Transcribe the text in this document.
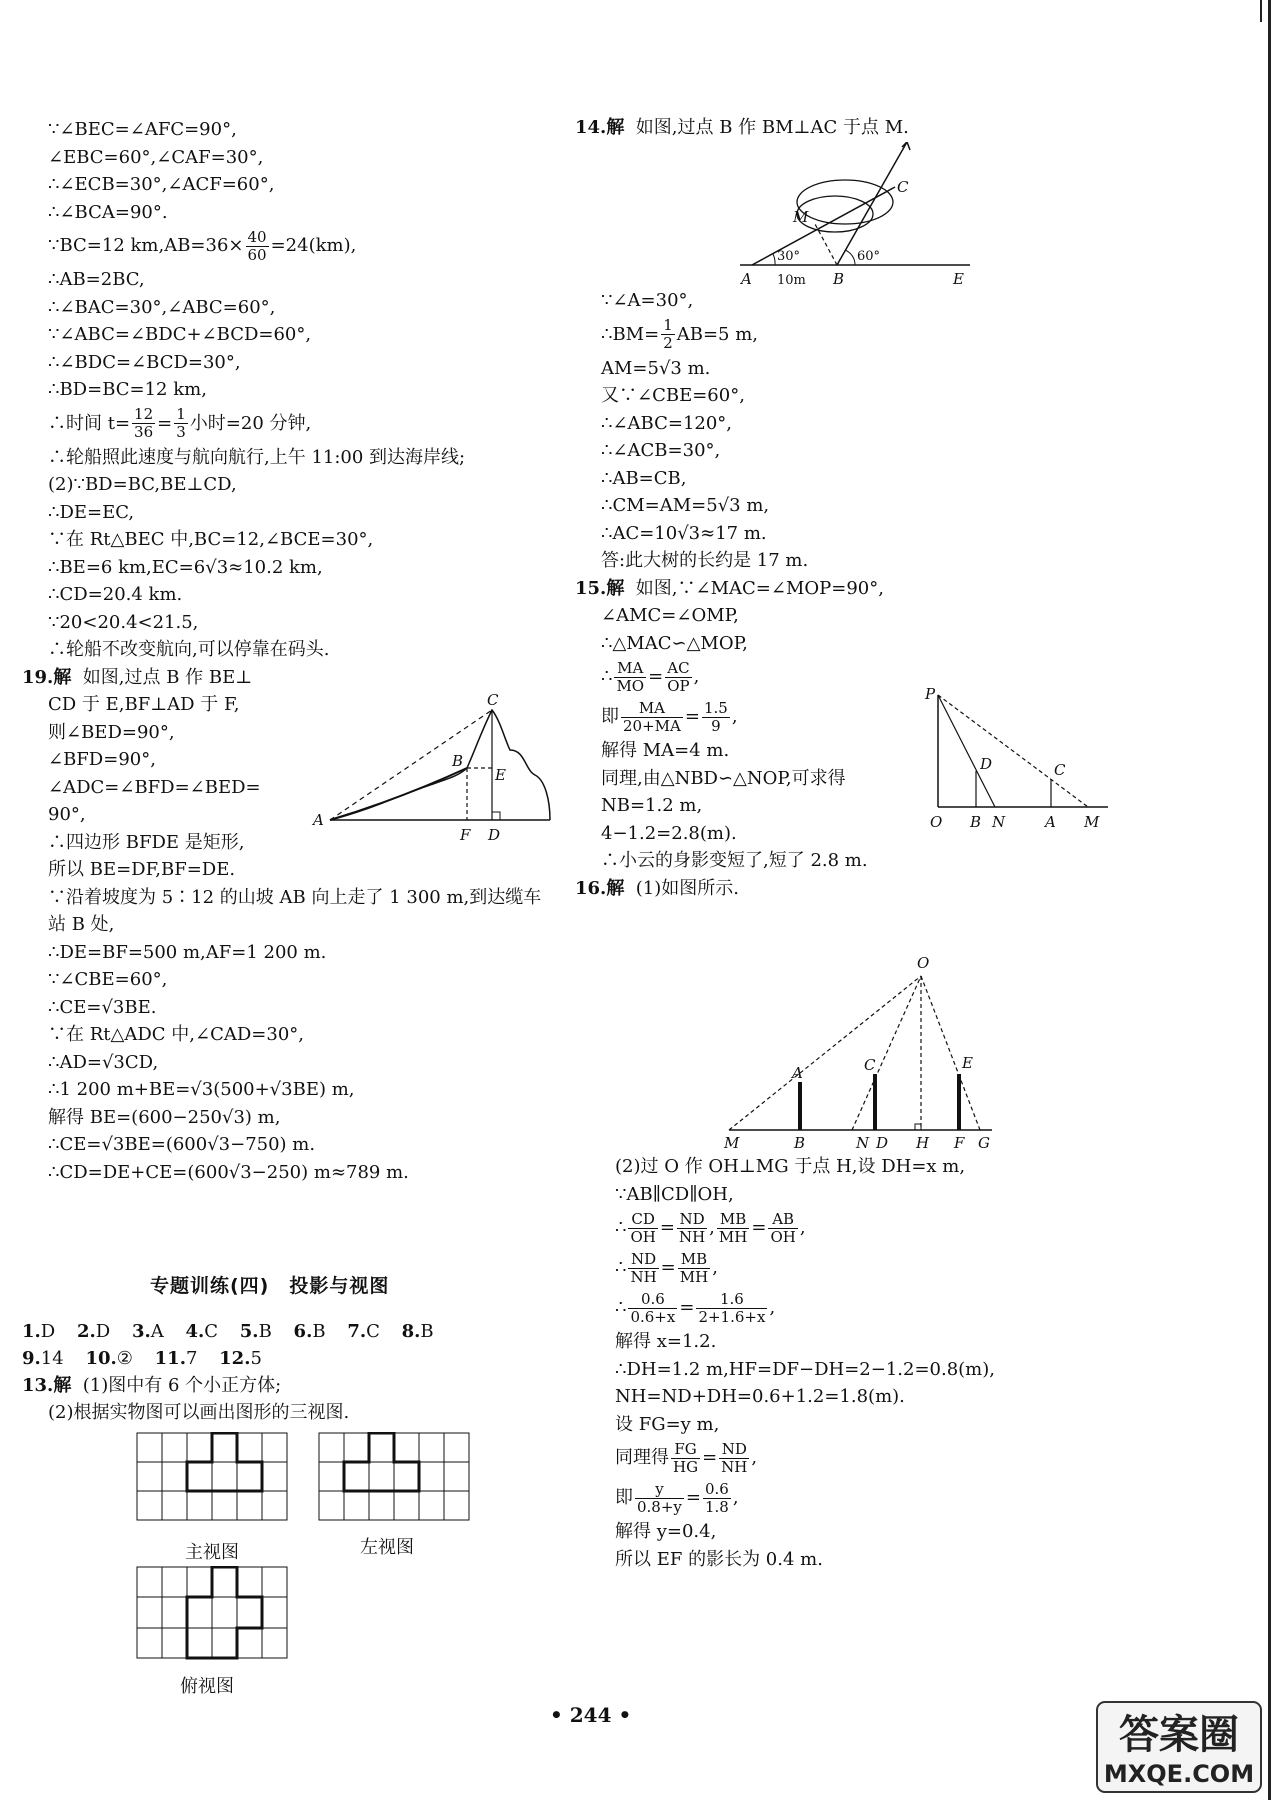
∵∠BEC=∠AFC=90°,
∠EBC=60°,∠CAF=30°,
∴∠ECB=30°,∠ACF=60°,
∴∠BCA=90°.
∵BC=12 $km,AB=36\times \frac{40}{60} =24(km)$,
∴AB=2BC,
∴∠BAC=30°,∠ABC=60°,
∵∠ABC=∠BDC+∠BCD=60°,
∴∠BDC=∠BCD=30°,
∴BD=BC=12 km,
∴时间 $t= \frac{12}{36} = \frac{1}{3}$ 小时=20 分钟,
∴轮船照此速度与航向航行,上午 11:00 到达海岸线;
(2)∵BD=BC,BE⊥CD,
∴DE=EC,
∵在 Rt△BEC 中,BC=12,∠BCE=30°,
∴BE=6 km,EC=6√3≈10.2 km,
∴CD=20.4 km.
∵20<20.4<21.5,
∴轮船不改变航向,可以停靠在码头.
19.解 如图,过点 B 作 BE⊥
CD 于 E,BF⊥AD 于 F,
则∠BED=90°,
∠BFD=90°,
∠ADC=∠BFD=∠BED=
90°,
∴四边形 BFDE 是矩形,
所以 BE=DF,BF=DE.
∵沿着坡度为 5∶12 的山坡 AB 向上走了 1 300 m,到达缆车
站 B 处,
∴DE=BF=500 m,AF=1 200 m.
∵∠CBE=60°,
∴CE=√3BE.
∵在 Rt△ADC 中,∠CAD=30°,
∴AD=√3CD,
∴1 200 m+BE=√3(500+√3BE) m,
解得 BE=(600−250√3) m,
∴CE=√3BE=(600√3−750) m.
∴CD=DE+CE=(600√3−250) m≈789 m.
A
B
C
E
F D
专题训练(四)　投影与视图
1.D 2.D 3.A 4.C 5.B 6.B 7.C 8.B
9.14 10.② 11.7 12.5
13.解 (1)图中有 6 个小正方体;
(2)根据实物图可以画出图形的三视图.
主视图	左视图
俯视图
14.解 如图,过点 B 作 BM⊥AC 于点 M.
A	B
C
E
M
30°	60°
10m
∵∠A=30°,
∴BM= $\frac{1}{2} AB=5$ m,
AM=5√3 m.
又∵∠CBE=60°,
∴∠ABC=120°,
∴∠ACB=30°,
∴AB=CB,
∴CM=AM=5√3 m,
∴AC=10√3≈17 m.
答:此大树的长约是 17 m.
15.解 如图,∵∠MAC=∠MOP=90°,
∠AMC=∠OMP,
∴△MAC∽△MOP,
∴ $\frac{MA}{MO} = \frac{AC}{OP}$ ,
即 $\frac{MA}{20+MA} = \frac{1.5}{9}$ ,
解得 MA=4 m.
同理,由△NBD∽△NOP,可求得
NB=1.2 m,
4−1.2=2.8(m).
∴小云的身影变短了,短了 2.8 m.
16.解 (1)如图所示.
P
O B N
D
A M
C
O
A	C	E
M	B	N D H F G
(2)过 O 作 OH⊥MG 于点 H,设 DH=x m,
∵AB∥CD∥OH,
∴ $\frac{CD}{OH} = \frac{ND}{NH}$ , $\frac{MB}{MH} = \frac{AB}{OH}$ ,
∴ $\frac{ND}{NH} = \frac{MB}{MH}$ ,
∴ $\frac{0.6}{0.6+x} = \frac{1.6}{2+1.6+x}$ ,
解得 x=1.2.
∴DH=1.2 m,HF=DF−DH=2−1.2=0.8(m),
NH=ND+DH=0.6+1.2=1.8(m).
设 FG=y m,
同理得 $\frac{FG}{HG} = \frac{ND}{NH}$ ,
即 $\frac{y}{0.8+y} = \frac{0.6}{1.8}$ ,
解得 y=0.4,
所以 EF 的影长为 0.4 m.
• 244 •	答案圈
MXQE.COM
